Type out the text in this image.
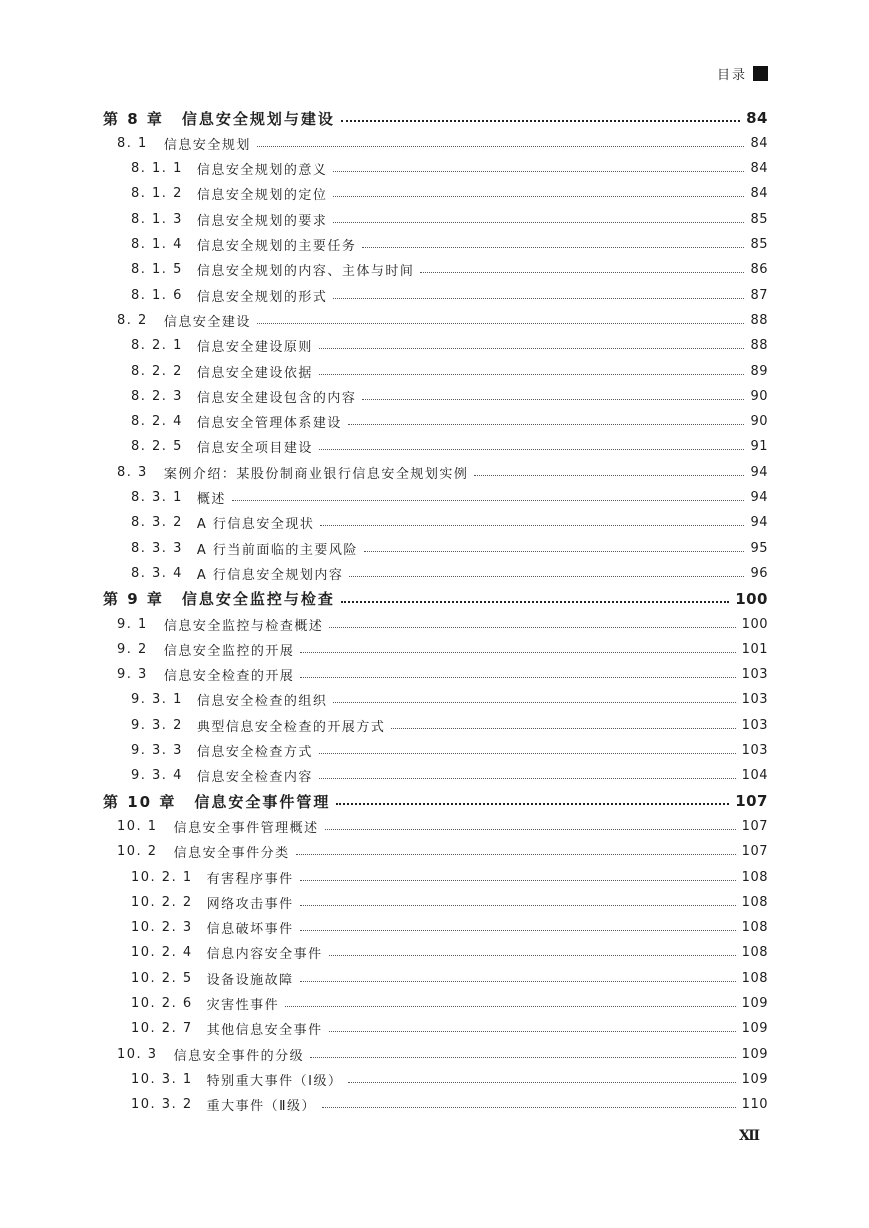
目录
第 8 章 信息安全规划与建设	84
8. 1 信息安全规划	84
8. 1. 1 信息安全规划的意义	84
8. 1. 2 信息安全规划的定位	84
8. 1. 3 信息安全规划的要求	85
8. 1. 4 信息安全规划的主要任务	85
8. 1. 5 信息安全规划的内容、主体与时间	86
8. 1. 6 信息安全规划的形式	87
8. 2 信息安全建设	88
8. 2. 1 信息安全建设原则	88
8. 2. 2 信息安全建设依据	89
8. 2. 3 信息安全建设包含的内容	90
8. 2. 4 信息安全管理体系建设	90
8. 2. 5 信息安全项目建设	91
8. 3 案例介绍：某股份制商业银行信息安全规划实例	94
8. 3. 1 概述	94
8. 3. 2 A 行信息安全现状	94
8. 3. 3 A 行当前面临的主要风险	95
8. 3. 4 A 行信息安全规划内容	96
第 9 章 信息安全监控与检查	100
9. 1 信息安全监控与检查概述	100
9. 2 信息安全监控的开展	101
9. 3 信息安全检查的开展	103
9. 3. 1 信息安全检查的组织	103
9. 3. 2 典型信息安全检查的开展方式	103
9. 3. 3 信息安全检查方式	103
9. 3. 4 信息安全检查内容	104
第 10 章 信息安全事件管理	107
10. 1 信息安全事件管理概述	107
10. 2 信息安全事件分类	107
10. 2. 1 有害程序事件	108
10. 2. 2 网络攻击事件	108
10. 2. 3 信息破坏事件	108
10. 2. 4 信息内容安全事件	108
10. 2. 5 设备设施故障	108
10. 2. 6 灾害性事件	109
10. 2. 7 其他信息安全事件	109
10. 3 信息安全事件的分级	109
10. 3. 1 特别重大事件（Ⅰ级）	109
10. 3. 2 重大事件（Ⅱ级）	110
Ⅻ
